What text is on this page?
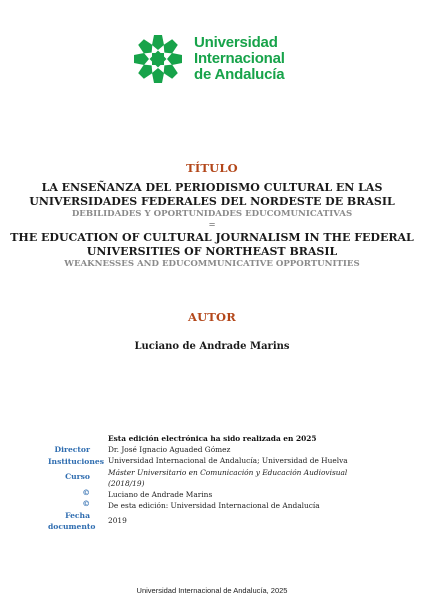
Universidad
Internacional
de Andalucía
TÍTULO
LA ENSEÑANZA DEL PERIODISMO CULTURAL EN LAS
UNIVERSIDADES FEDERALES DEL NORDESTE DE BRASIL
DEBILIDADES Y OPORTUNIDADES EDUCOMUNICATIVAS
=
THE EDUCATION OF CULTURAL JOURNALISM IN THE FEDERAL
UNIVERSITIES OF NORTHEAST BRASIL
WEAKNESSES AND EDUCOMMUNICATIVE OPPORTUNITIES
AUTOR
Luciano de Andrade Marins
Director
Instituciones
Curso
©
©
Fecha
documento
Esta edición electrónica ha sido realizada en 2025
Dr. José Ignacio Aguaded Gómez
Universidad Internacional de Andalucía; Universidad de Huelva
Máster Universitario en Comunicación y Educación Audiovisual
(2018/19)
Luciano de Andrade Marins
De esta edición: Universidad Internacional de Andalucía
2019
Universidad Internacional de Andalucía, 2025
